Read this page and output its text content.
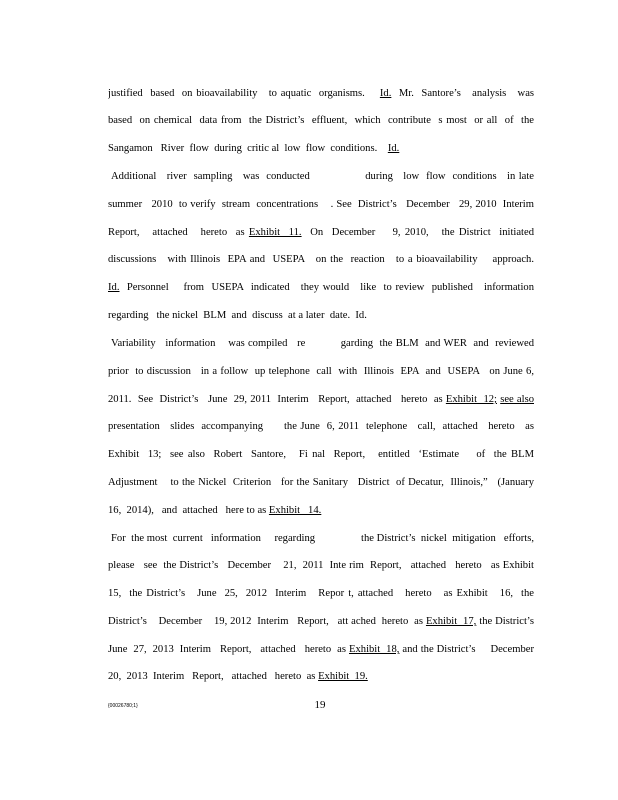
justified  based  on bioavailability   to aquatic  organisms. Id. Mr.  Santore’s   analysis   was
based  on chemical  data from  the District’s  effluent,  which  contribute  s most  or all  of  the
Sangamon   River  flow  during  critic al  low  flow  conditions. Id.
Additional   river  sampling   was  conducted                during   low  flow  conditions   in late
summer   2010  to verify  stream  concentrations    . See  District’s   December   29, 2010  Interim
Report,   attached   hereto  as Exhibit  11. On  December    9, 2010,   the District  initiated
discussions   with Illinois  EPA and  USEPA   on the  reaction   to a bioavailability    approach.
Id. Personnel    from  USEPA  indicated   they would   like  to review  published   information
regarding   the nickel  BLM  and  discuss  at a later  date.  Id.
Variability   information    was compiled   re           garding  the BLM  and WER  and  reviewed
prior  to discussion   in a follow  up telephone  call  with  Illinois  EPA  and  USEPA   on June 6,
2011.  See  District’s   June  29, 2011  Interim   Report,  attached   hereto  as Exhibit  12; see also
presentation   slides  accompanying      the June  6, 2011  telephone   call,  attached   hereto   as
Exhibit  13;  see also  Robert  Santore,   Fi nal  Report,   entitled  ‘Estimate    of  the BLM
Adjustment    to the Nickel  Criterion   for the Sanitary   District  of Decatur,  Illinois,”   (January
16,  2014),   and  attached   here to as Exhibit   14.
For  the most  current   information     regarding                 the District’s  nickel  mitigation   efforts,
please   see  the District’s   December    21,  2011  Inte rim  Report,   attached   hereto   as Exhibit
15,  the District’s   June  25,  2012  Interim   Repor t, attached   hereto   as Exhibit   16,  the
District’s    December    19, 2012  Interim   Report,   att ached  hereto  as Exhibit  17, the District’s
June  27,  2013  Interim   Report,   attached   hereto  as Exhibit  18, and the District’s     December
20,  2013  Interim   Report,   attached   hereto  as Exhibit  19.
{00026780;1}	19
